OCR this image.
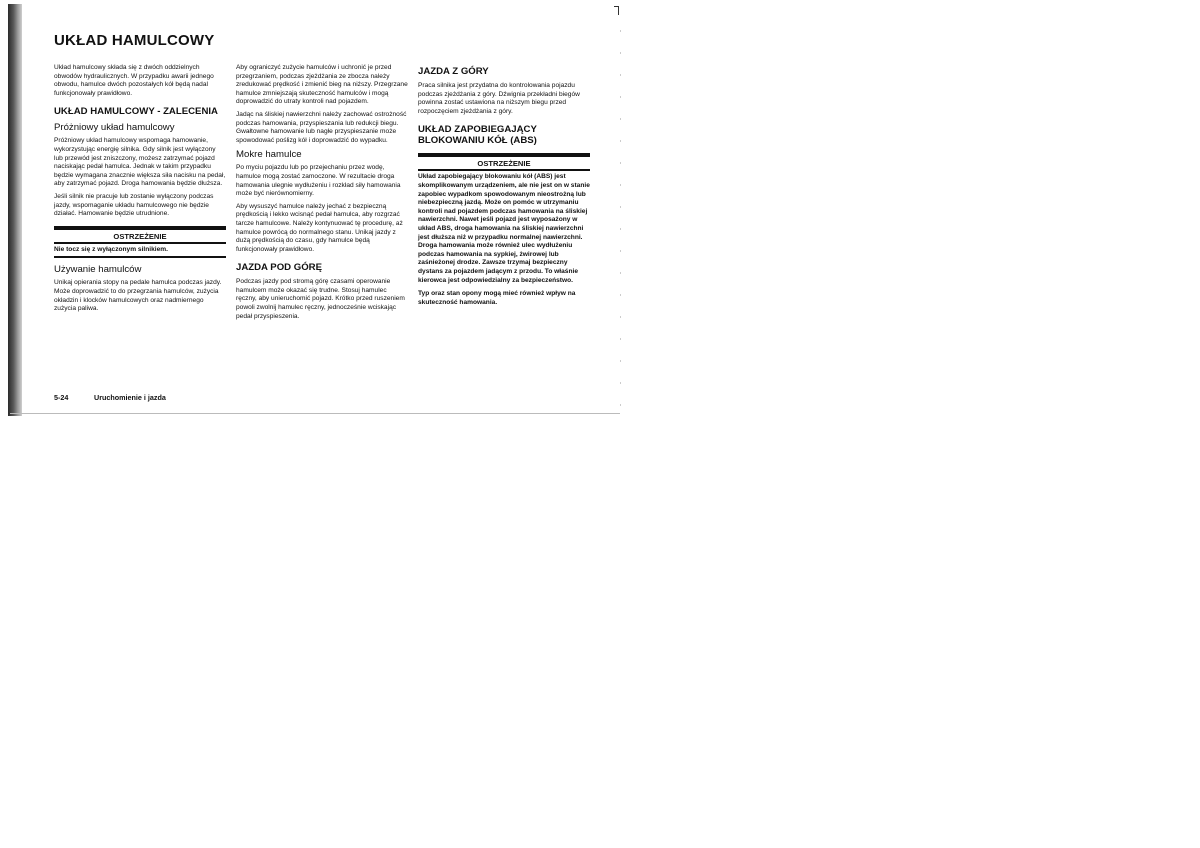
UKŁAD HAMULCOWY

Układ hamulcowy składa się z dwóch oddzielnych obwodów hydraulicznych. W przypadku awarii jednego obwodu, hamulce dwóch pozostałych kół będą nadal funkcjonowały prawidłowo.

UKŁAD HAMULCOWY - ZALECENIA
Próżniowy układ hamulcowy

Próżniowy układ hamulcowy wspomaga hamowanie, wykorzystując energię silnika. Gdy silnik jest wyłączony lub przewód jest zniszczony, możesz zatrzymać pojazd naciskając pedał hamulca. Jednak w takim przypadku będzie wymagana znacznie większa siła nacisku na pedał, aby zatrzymać pojazd. Droga hamowania będzie dłuższa.

Jeśli silnik nie pracuje lub zostanie wyłączony podczas jazdy, wspomaganie układu hamulcowego nie będzie działać. Hamowanie będzie utrudnione.

OSTRZEŻENIE

Nie tocz się z wyłączonym silnikiem.

Używanie hamulców

Unikaj opierania stopy na pedale hamulca podczas jazdy. Może doprowadzić to do przegrzania hamulców, zużycia okładzin i klocków hamulcowych oraz nadmiernego zużycia paliwa.

Aby ograniczyć zużycie hamulców i uchronić je przed przegrzaniem, podczas zjeżdżania ze zbocza należy zredukować prędkość i zmienić bieg na niższy. Przegrzane hamulce zmniejszają skuteczność hamulców i mogą doprowadzić do utraty kontroli nad pojazdem.

Jadąc na śliskiej nawierzchni należy zachować ostrożność podczas hamowania, przyspieszania lub redukcji biegu. Gwałtowne hamowanie lub nagłe przyspieszanie może spowodować poślizg kół i doprowadzić do wypadku.

Mokre hamulce

Po myciu pojazdu lub po przejechaniu przez wodę, hamulce mogą zostać zamoczone. W rezultacie droga hamowania ulegnie wydłużeniu i rozkład siły hamowania może być nierównomierny.

Aby wysuszyć hamulce należy jechać z bezpieczną prędkością i lekko wcisnąć pedał hamulca, aby rozgrzać tarcze hamulcowe. Należy kontynuować tę procedurę, aż hamulce powrócą do normalnego stanu. Unikaj jazdy z dużą prędkością do czasu, gdy hamulce będą funkcjonowały prawidłowo.

JAZDA POD GÓRĘ

Podczas jazdy pod stromą górę czasami operowanie hamulcem może okazać się trudne. Stosuj hamulec ręczny, aby unieruchomić pojazd. Krótko przed ruszeniem powoli zwolnij hamulec ręczny, jednocześnie wciskając pedał przyspieszenia.

JAZDA Z GÓRY

Praca silnika jest przydatna do kontrolowania pojazdu podczas zjeżdżania z góry. Dźwignia przekładni biegów powinna zostać ustawiona na niższym biegu przed rozpoczęciem zjeżdżania z góry.

UKŁAD ZAPOBIEGAJĄCY BLOKOWANIU KÓŁ (ABS)
OSTRZEŻENIE

Układ zapobiegający blokowaniu kół (ABS) jest skomplikowanym urządzeniem, ale nie jest on w stanie zapobiec wypadkom spowodowanym nieostrożną lub niebezpieczną jazdą. Może on pomóc w utrzymaniu kontroli nad pojazdem podczas hamowania na śliskiej nawierzchni. Nawet jeśli pojazd jest wyposażony w układ ABS, droga hamowania na śliskiej nawierzchni jest dłuższa niż w przypadku normalnej nawierzchni. Droga hamowania może również ulec wydłużeniu podczas hamowania na sypkiej, żwirowej lub zaśnieżonej drodze. Zawsze trzymaj bezpieczny dystans za pojazdem jadącym z przodu. To właśnie kierowca jest odpowiedzialny za bezpieczeństwo.

Typ oraz stan opony mogą mieć również wpływ na skuteczność hamowania.

5-24	Uruchomienie i jazda
